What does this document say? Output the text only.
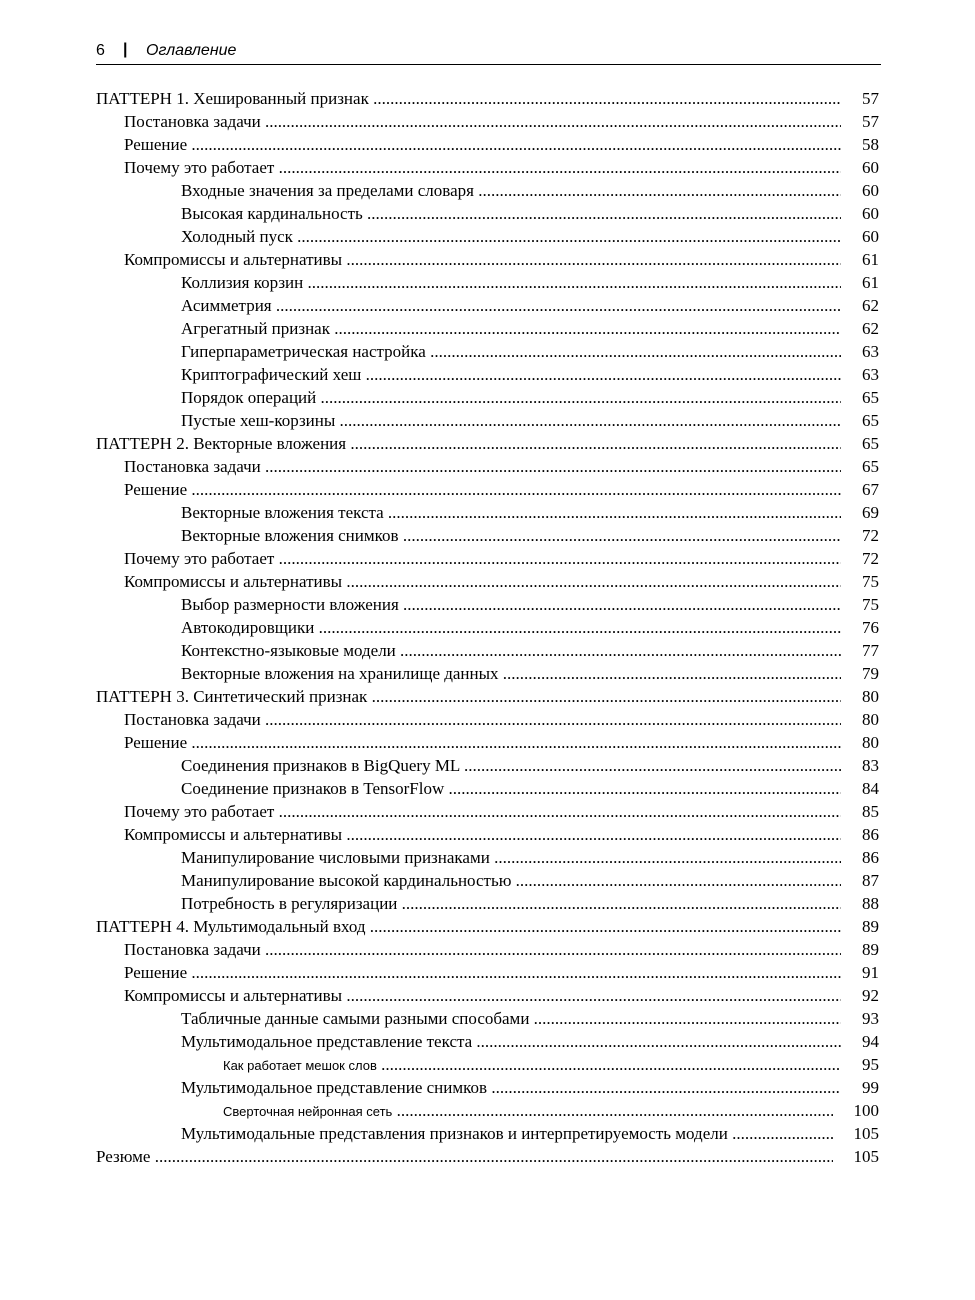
6 | Оглавление
ПАТТЕРН 1. Хешированный признак .....	57
Постановка задачи .....	57
Решение .....	58
Почему это работает .....	60
Входные значения за пределами словаря .....	60
Высокая кардинальность .....	60
Холодный пуск .....	60
Компромиссы и альтернативы .....	61
Коллизия корзин .....	61
Асимметрия .....	62
Агрегатный признак .....	62
Гиперпараметрическая настройка .....	63
Криптографический хеш .....	63
Порядок операций .....	65
Пустые хеш-корзины .....	65
ПАТТЕРН 2. Векторные вложения .....	65
Постановка задачи .....	65
Решение .....	67
Векторные вложения текста .....	69
Векторные вложения снимков .....	72
Почему это работает .....	72
Компромиссы и альтернативы .....	75
Выбор размерности вложения .....	75
Автокодировщики .....	76
Контекстно-языковые модели .....	77
Векторные вложения на хранилище данных .....	79
ПАТТЕРН 3. Синтетический признак .....	80
Постановка задачи .....	80
Решение .....	80
Соединения признаков в BigQuery ML .....	83
Соединение признаков в TensorFlow .....	84
Почему это работает .....	85
Компромиссы и альтернативы .....	86
Манипулирование числовыми признаками .....	86
Манипулирование высокой кардинальностью .....	87
Потребность в регуляризации .....	88
ПАТТЕРН 4. Мультимодальный вход .....	89
Постановка задачи .....	89
Решение .....	91
Компромиссы и альтернативы .....	92
Табличные данные самыми разными способами .....	93
Мультимодальное представление текста .....	94
Как работает мешок слов .....	95
Мультимодальное представление снимков .....	99
Сверточная нейронная сеть .....	100
Мультимодальные представления признаков и интерпретируемость модели .....	105
Резюме .....	105
